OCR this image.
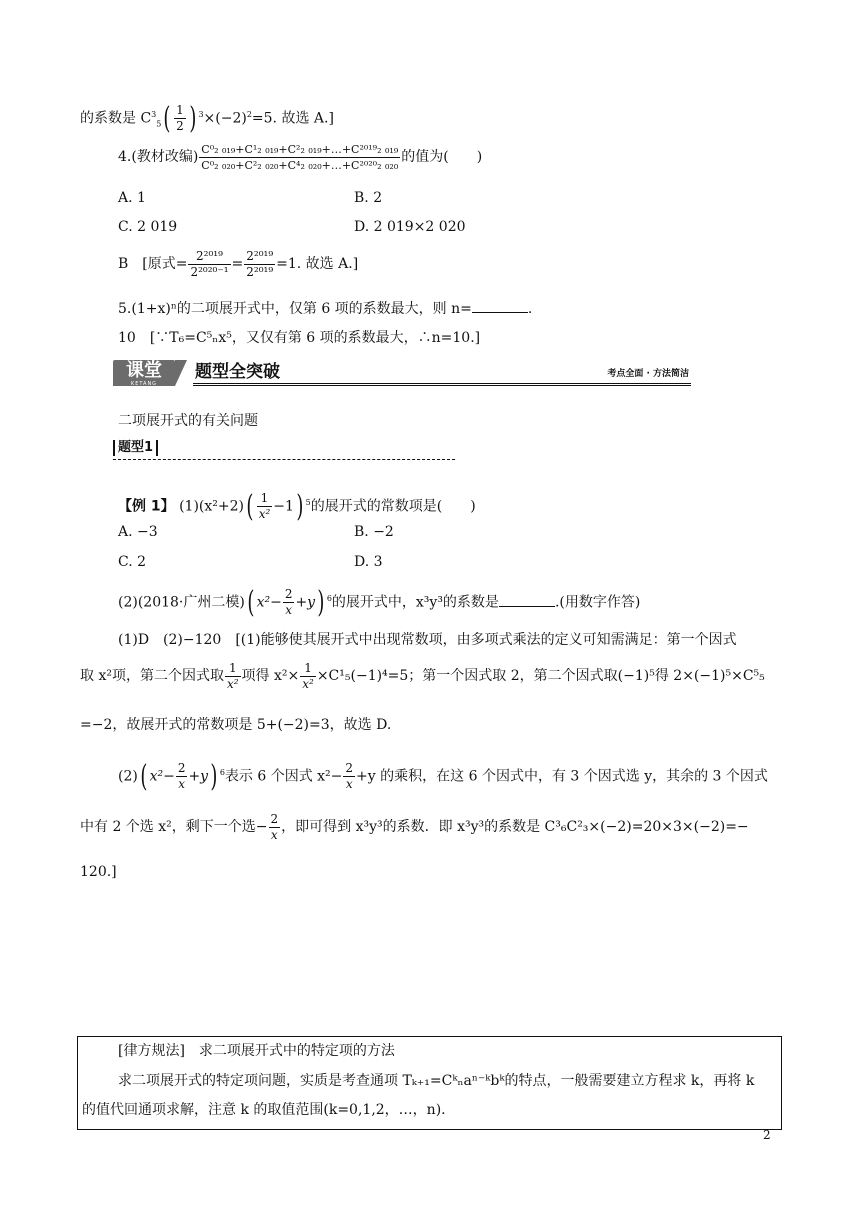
的系数是 $C^3_5( \frac{1}{2}$ ) $^3\times(-2)^2=5$. 故选 A.]
4.(教材改编) $\frac{\text{C⁰₂ ₀₁₉+C¹₂ ₀₁₉+C²₂ ₀₁₉+…+C²⁰¹⁹₂ ₀₁₉}}{\text{C⁰₂ ₀₂₀+C²₂ ₀₂₀+C⁴₂ ₀₂₀+…+C²⁰²⁰₂ ₀₂₀}}$ 的值为(　　)
A. 1	B. 2
C. 2 019	D. 2 019×2 020
B　[原式= $\frac{\text{2²⁰¹⁹}}{\text{2²⁰²⁰⁻¹}} = \frac{\text{2²⁰¹⁹}}{\text{2²⁰¹⁹}} =1$. 故选 A.]
5.(1+x)ⁿ的二项展开式中，仅第 6 项的系数最大，则 n=	.
10　[∵T₆=C⁵ₙx⁵，又仅有第 6 项的系数最大，∴n=10.]
课堂
KETANG
题型全突破	考点全面 · 方法简洁
二项展开式的有关问题
题型1
【例 1】 $(1)(x^2+2)( \frac{1}{\text{x²}} -1)$ $^5$的展开式的常数项是(　　)
A. −3	B. −2
C. 2	D. 3
(2)(2018·广州二模)( $x^2- \frac{2}{x} +y$) $^6$的展开式中，x³y³的系数是	.(用数字作答)
(1)D　(2)−120　[(1)能够使其展开式中出现常数项，由多项式乘法的定义可知需满足：第一个因式
取 x²项，第二个因式取 $\frac{1}{\text{x²}}$ 项得 $x^2\times \frac{1}{\text{x²}} \times C^1_5(-1)^4=5$；第一个因式取 2，第二个因式取(−1)⁵得 2×(−1)⁵×C⁵₅
=−2，故展开式的常数项是 5+(−2)=3，故选 D.
(2)( $x^2- \frac{2}{x} +y$) $^6$表示 6 个因式 $x^2- \frac{2}{x} +y$ 的乘积，在这 6 个因式中，有 3 个因式选 y，其余的 3 个因式
中有 2 个选 x²，剩下一个选− $\frac{2}{x}$ ，即可得到 x³y³的系数．即 x³y³的系数是 C³₆C²₃×(−2)=20×3×(−2)=−
120.]
[律方规法]　求二项展开式中的特定项的方法
求二项展开式的特定项问题，实质是考查通项 Tₖ₊₁=Cᵏₙaⁿ⁻ᵏbᵏ的特点，一般需要建立方程求 k，再将 k
的值代回通项求解，注意 k 的取值范围(k=0,1,2，…，n).
2
